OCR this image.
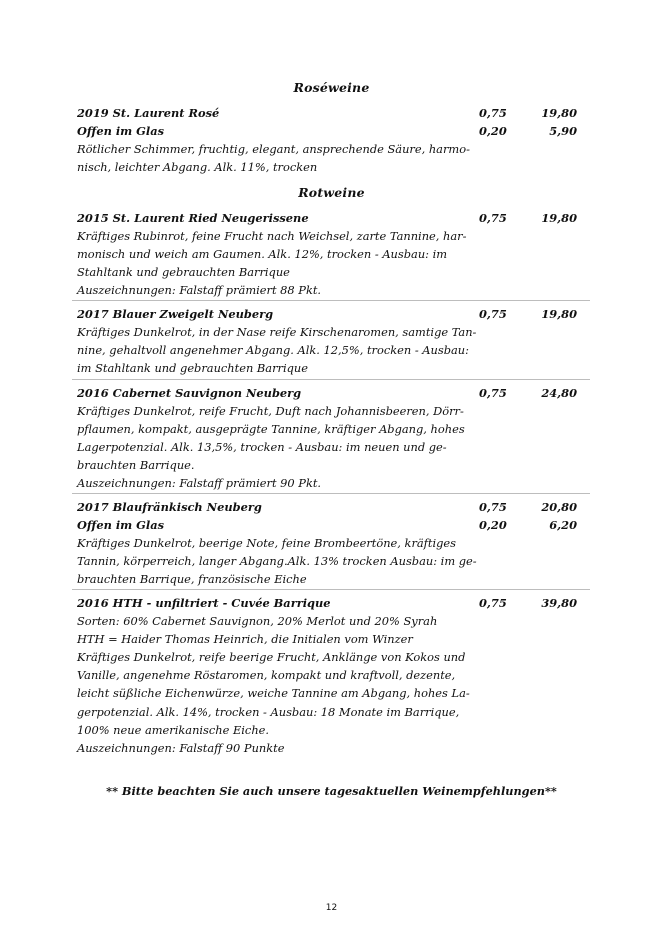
Roséweine
2019 St. Laurent Rosé	0,75	19,80
Offen im Glas	0,20	5,90
Rötlicher Schimmer, fruchtig, elegant, ansprechende Säure, harmo-
nisch, leichter Abgang. Alk. 11%, trocken
Rotweine
2015 St. Laurent Ried Neugerissene	0,75	19,80
Kräftiges Rubinrot, feine Frucht nach Weichsel, zarte Tannine, har-
monisch und weich am Gaumen. Alk. 12%, trocken - Ausbau: im
Stahltank und gebrauchten Barrique
Auszeichnungen: Falstaff prämiert 88 Pkt.
2017 Blauer Zweigelt Neuberg	0,75	19,80
Kräftiges Dunkelrot, in der Nase reife Kirschenaromen, samtige Tan-
nine, gehaltvoll angenehmer Abgang. Alk. 12,5%, trocken - Ausbau:
im Stahltank und gebrauchten Barrique
2016 Cabernet Sauvignon Neuberg	0,75	24,80
Kräftiges Dunkelrot, reife Frucht, Duft nach Johannisbeeren, Dörr-
pflaumen, kompakt, ausgeprägte Tannine, kräftiger Abgang, hohes
Lagerpotenzial. Alk. 13,5%, trocken - Ausbau: im neuen und ge-
brauchten Barrique.
Auszeichnungen: Falstaff prämiert 90 Pkt.
2017 Blaufränkisch Neuberg	0,75	20,80
Offen im Glas	0,20	6,20
Kräftiges Dunkelrot, beerige Note, feine Brombeertöne, kräftiges
Tannin, körperreich, langer Abgang.Alk. 13% trocken Ausbau: im ge-
brauchten Barrique, französische Eiche
2016 HTH - unfiltriert - Cuvée Barrique	0,75	39,80
Sorten: 60% Cabernet Sauvignon, 20% Merlot und 20% Syrah
HTH = Haider Thomas Heinrich, die Initialen vom Winzer
Kräftiges Dunkelrot, reife beerige Frucht, Anklänge von Kokos und
Vanille, angenehme Röstaromen, kompakt und kraftvoll, dezente,
leicht süßliche Eichenwürze, weiche Tannine am Abgang, hohes La-
gerpotenzial. Alk. 14%, trocken - Ausbau: 18 Monate im Barrique,
100% neue amerikanische Eiche.
Auszeichnungen: Falstaff 90 Punkte
** Bitte beachten Sie auch unsere tagesaktuellen Weinempfehlungen**
12
